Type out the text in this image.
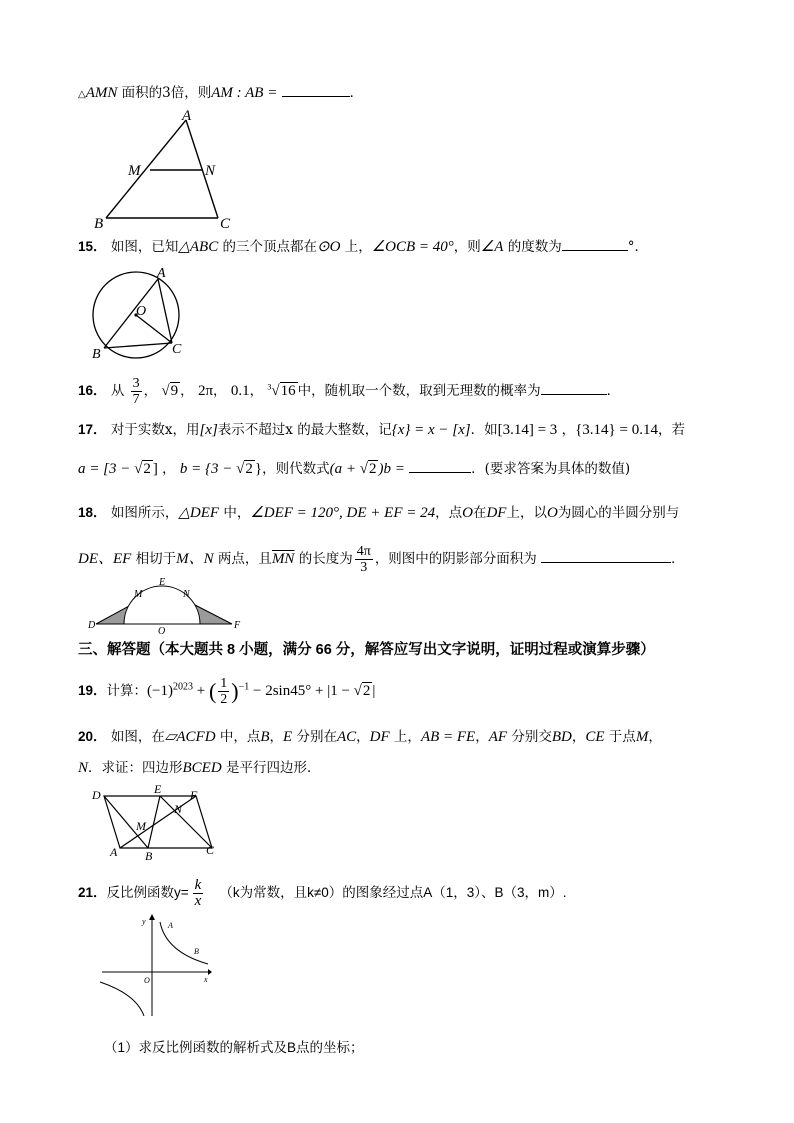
△AMN 面积的3倍，则AM : AB =	．
A
M	N
B	C
15． 如图，已知△ABC 的三个顶点都在⊙O 上，∠OCB = 40°，则∠A 的度数为	°．
A
O
B	C
16． 从 $\frac{3}{7}$ ， √9 ， 2π， 0.1， $^3$√16 中，随机取一个数，取到无理数的概率为	．
17． 对于实数x，用[x]表示不超过x 的最大整数，记{x} = x − [x]．如[3.14] = 3 ，{3.14} = 0.14，若
a = [3 − √2 ] ， b = {3 − √2 }，则代数式(a + √2 )b =	．(要求答案为具体的数值)
18． 如图所示，△DEF 中，∠DEF = 120°, DE + EF = 24，点O在DF上，以O为圆心的半圆分别与
DE、EF 相切于M、N 两点，且$\overline{MN}$ 的长度为 $\frac{4\pi}{3}$ ，则图中的阴影部分面积为	．
E
M	N
D
O
F
三、解答题（本大题共 8 小题，满分 66 分，解答应写出文字说明，证明过程或演算步骤）
19．计算：$(-1)^{2023}$ + ( $\frac{1}{2} )^{-1} - 2\sin 45^\circ + |1 - √2$ |
20． 如图，在▱ACFD 中，点B，E 分别在AC，DF 上，AB = FE，AF 分别交BD，CE 于点M，
N．求证：四边形BCED 是平行四边形．
D	E F
M
N
A B	C
21．反比例函数$y= \frac{k}{x} (k$为常数，且k≠0）的图象经过点A（1，3）、B（3，m）.
y	A
B
O	x
（1）求反比例函数的解析式及B点的坐标；
